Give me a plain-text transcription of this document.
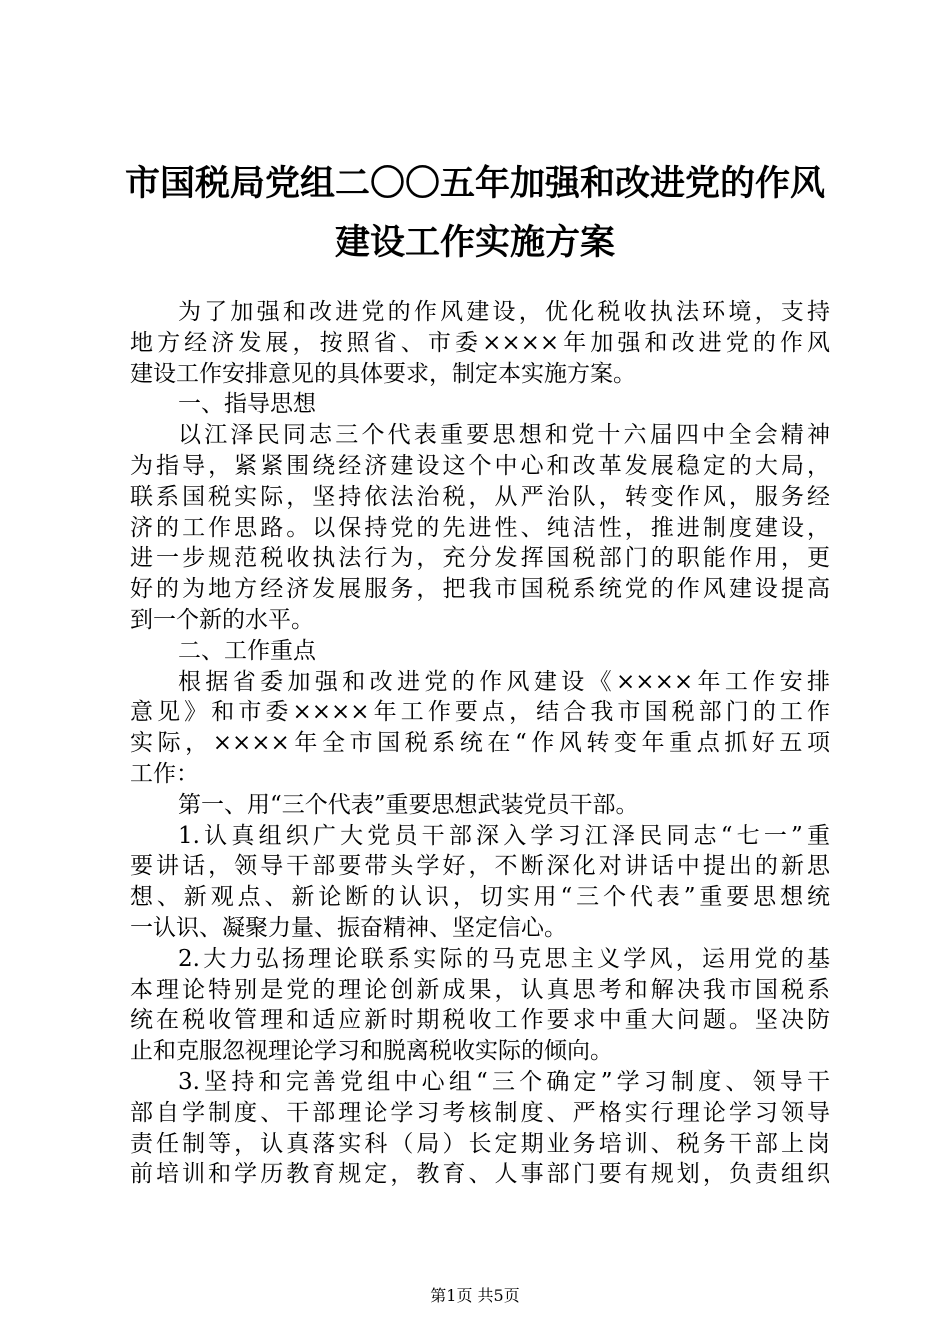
市国税局党组二〇〇五年加强和改进党的作风
建设工作实施方案
为了加强和改进党的作风建设，优化税收执法环境，支持
地方经济发展，按照省、市委××××年加强和改进党的作风
建设工作安排意见的具体要求，制定本实施方案。
一、指导思想
以江泽民同志三个代表重要思想和党十六届四中全会精神
为指导，紧紧围绕经济建设这个中心和改革发展稳定的大局，
联系国税实际，坚持依法治税，从严治队，转变作风，服务经
济的工作思路。以保持党的先进性、纯洁性，推进制度建设，
进一步规范税收执法行为，充分发挥国税部门的职能作用，更
好的为地方经济发展服务，把我市国税系统党的作风建设提高
到一个新的水平。
二、工作重点
根据省委加强和改进党的作风建设《××××年工作安排
意见》和市委××××年工作要点，结合我市国税部门的工作
实际，××××年全市国税系统在“作风转变年重点抓好五项
工作：
第一、用“三个代表”重要思想武装党员干部。
1.认真组织广大党员干部深入学习江泽民同志“七一”重
要讲话，领导干部要带头学好，不断深化对讲话中提出的新思
想、新观点、新论断的认识，切实用“三个代表”重要思想统
一认识、凝聚力量、振奋精神、坚定信心。
2.大力弘扬理论联系实际的马克思主义学风，运用党的基
本理论特别是党的理论创新成果，认真思考和解决我市国税系
统在税收管理和适应新时期税收工作要求中重大问题。坚决防
止和克服忽视理论学习和脱离税收实际的倾向。
3.坚持和完善党组中心组“三个确定”学习制度、领导干
部自学制度、干部理论学习考核制度、严格实行理论学习领导
责任制等，认真落实科（局）长定期业务培训、税务干部上岗
前培训和学历教育规定，教育、人事部门要有规划，负责组织
第1页 共5页
